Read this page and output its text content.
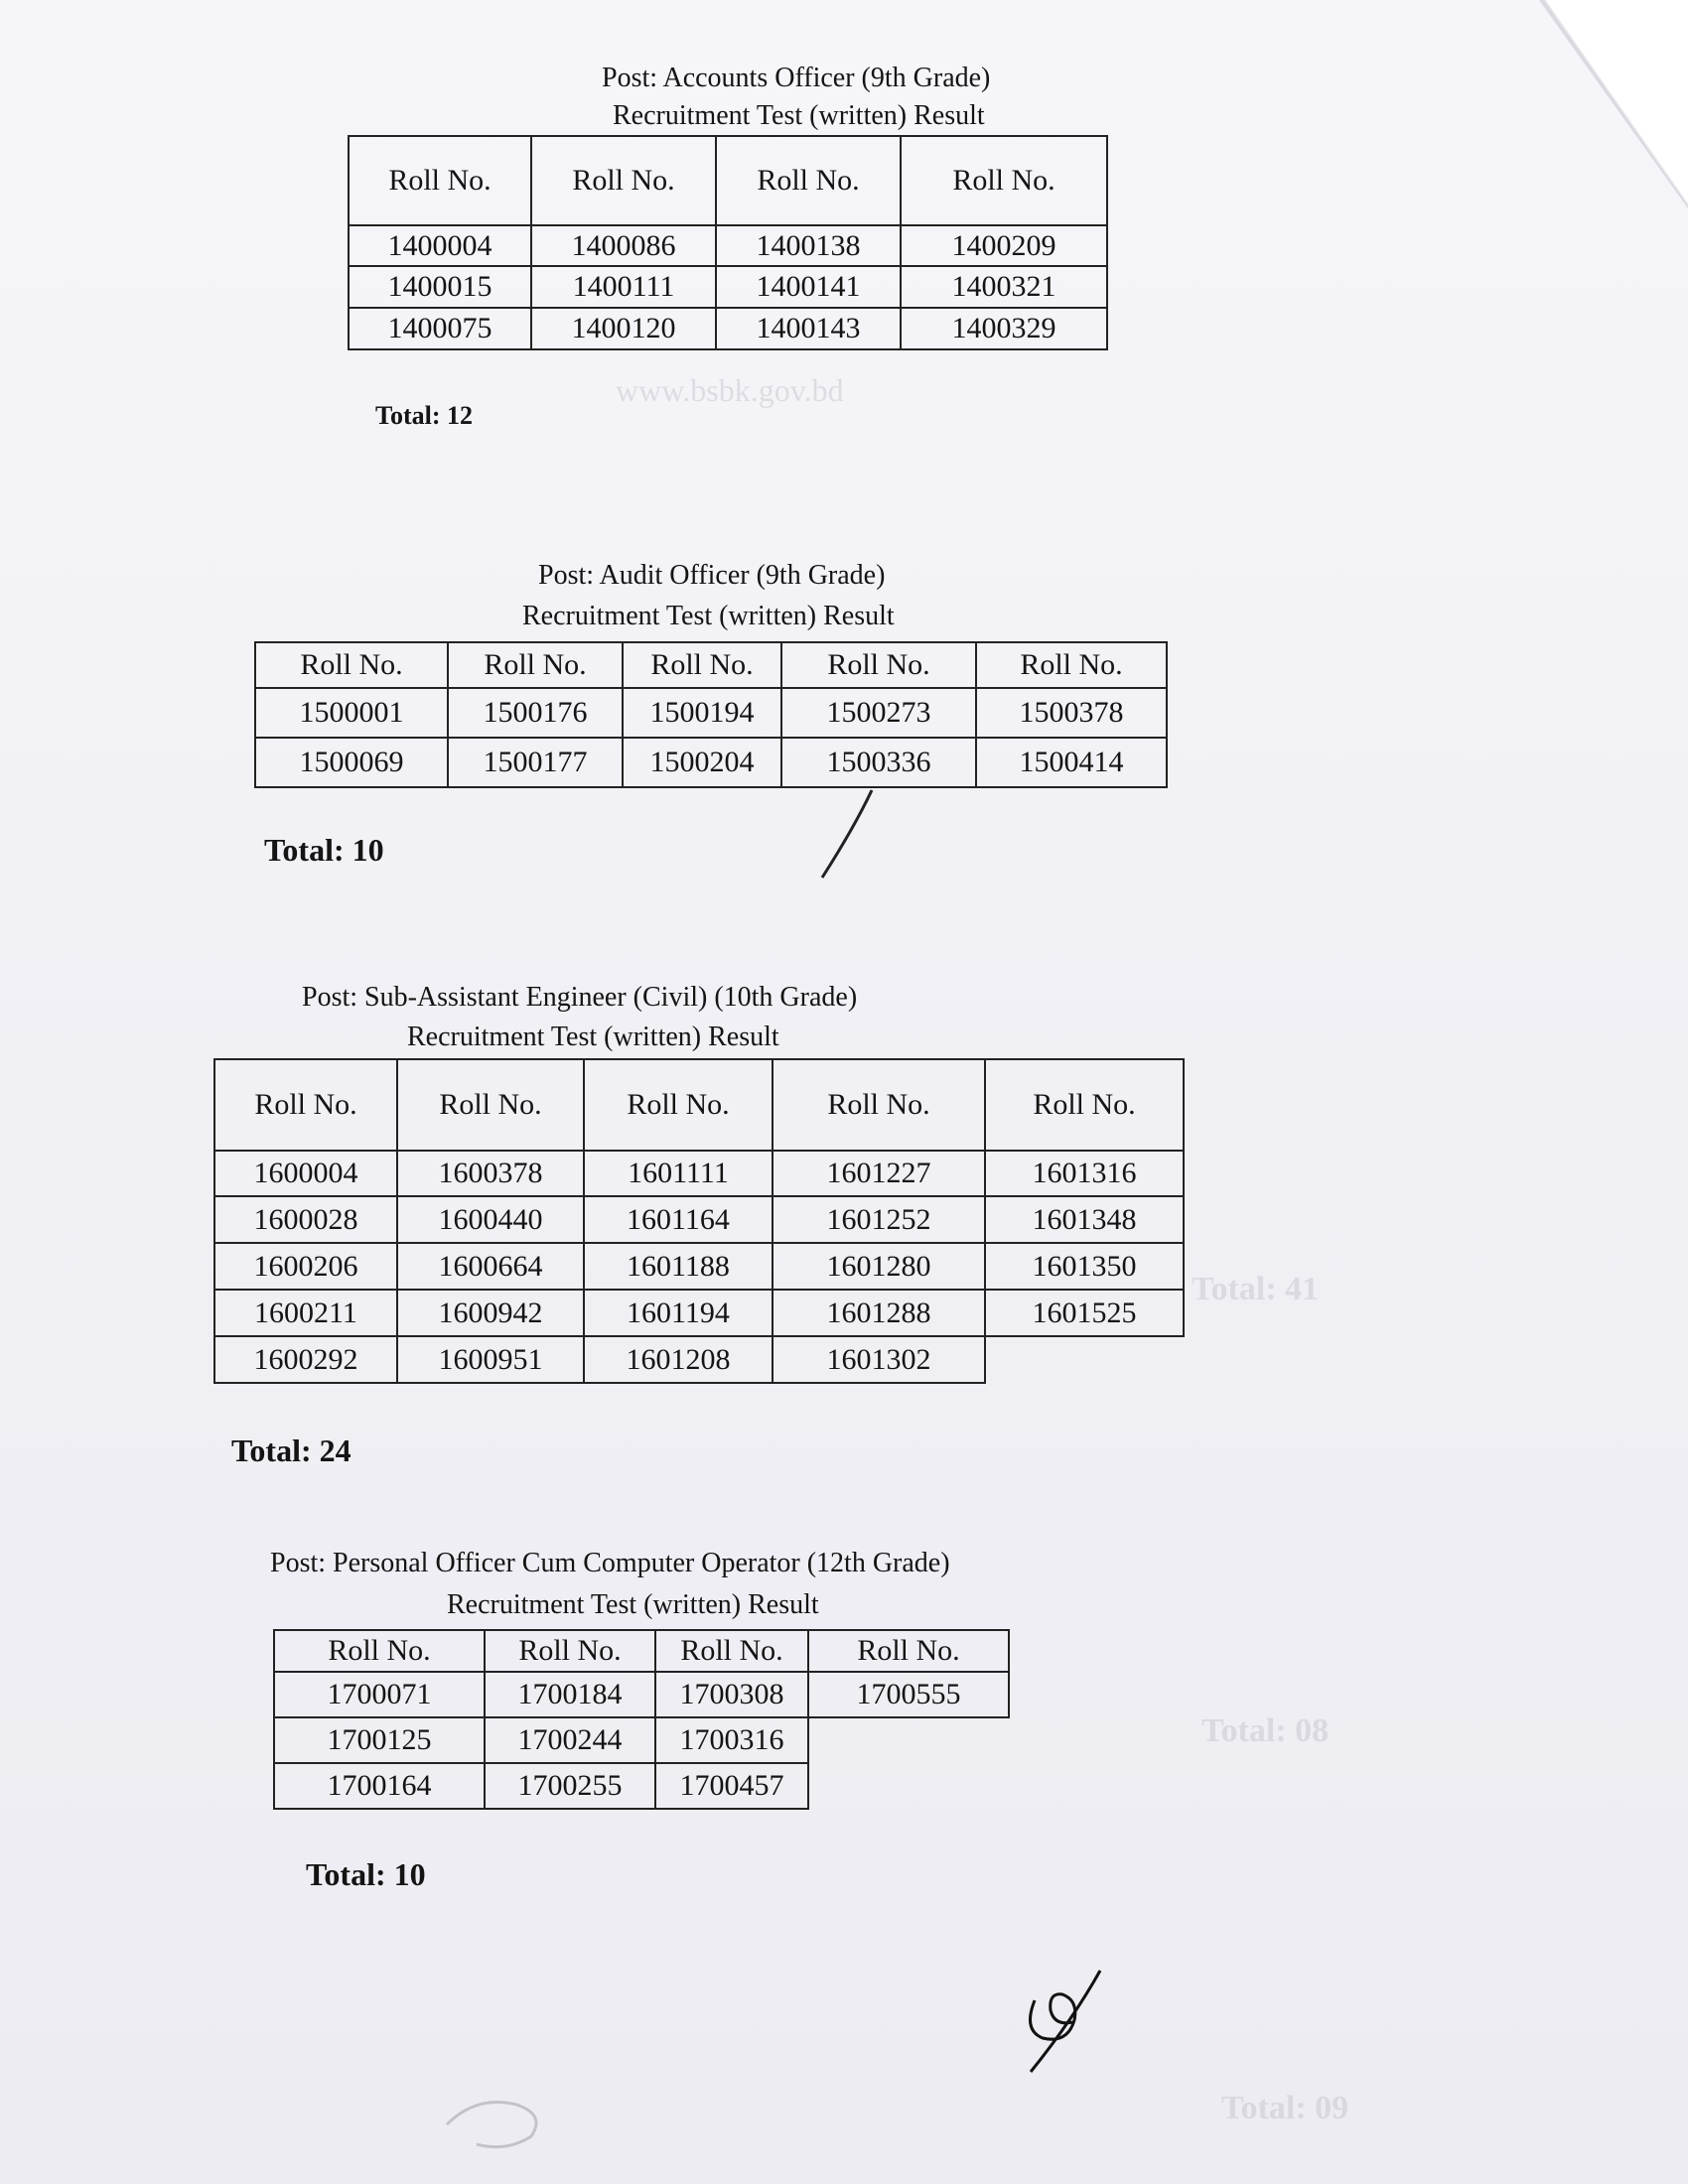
www.bsbk.gov.bd
Total: 41
Total: 08
Total: 09
Post: Accounts Officer (9th Grade)
Recruitment Test (written) Result
Roll No.	Roll No.	Roll No.	Roll No.
1400004	1400086	1400138	1400209
1400015	1400111	1400141	1400321
1400075	1400120	1400143	1400329
Total: 12
Post: Audit Officer (9th Grade)
Recruitment Test (written) Result
Roll No.	Roll No.	Roll No.	Roll No.	Roll No.
1500001	1500176	1500194	1500273	1500378
1500069	1500177	1500204	1500336	1500414
Total: 10
Post: Sub-Assistant Engineer (Civil) (10th Grade)
Recruitment Test (written) Result
Roll No.	Roll No.	Roll No.	Roll No.	Roll No.
1600004	1600378	1601111	1601227	1601316
1600028	1600440	1601164	1601252	1601348
1600206	1600664	1601188	1601280	1601350
1600211	1600942	1601194	1601288	1601525
1600292	1600951	1601208	1601302	
Total: 24
Post: Personal Officer Cum Computer Operator (12th Grade)
Recruitment Test (written) Result
Roll No.	Roll No.	Roll No.	Roll No.
1700071	1700184	1700308	1700555
1700125	1700244	1700316	
1700164	1700255	1700457	
Total: 10
